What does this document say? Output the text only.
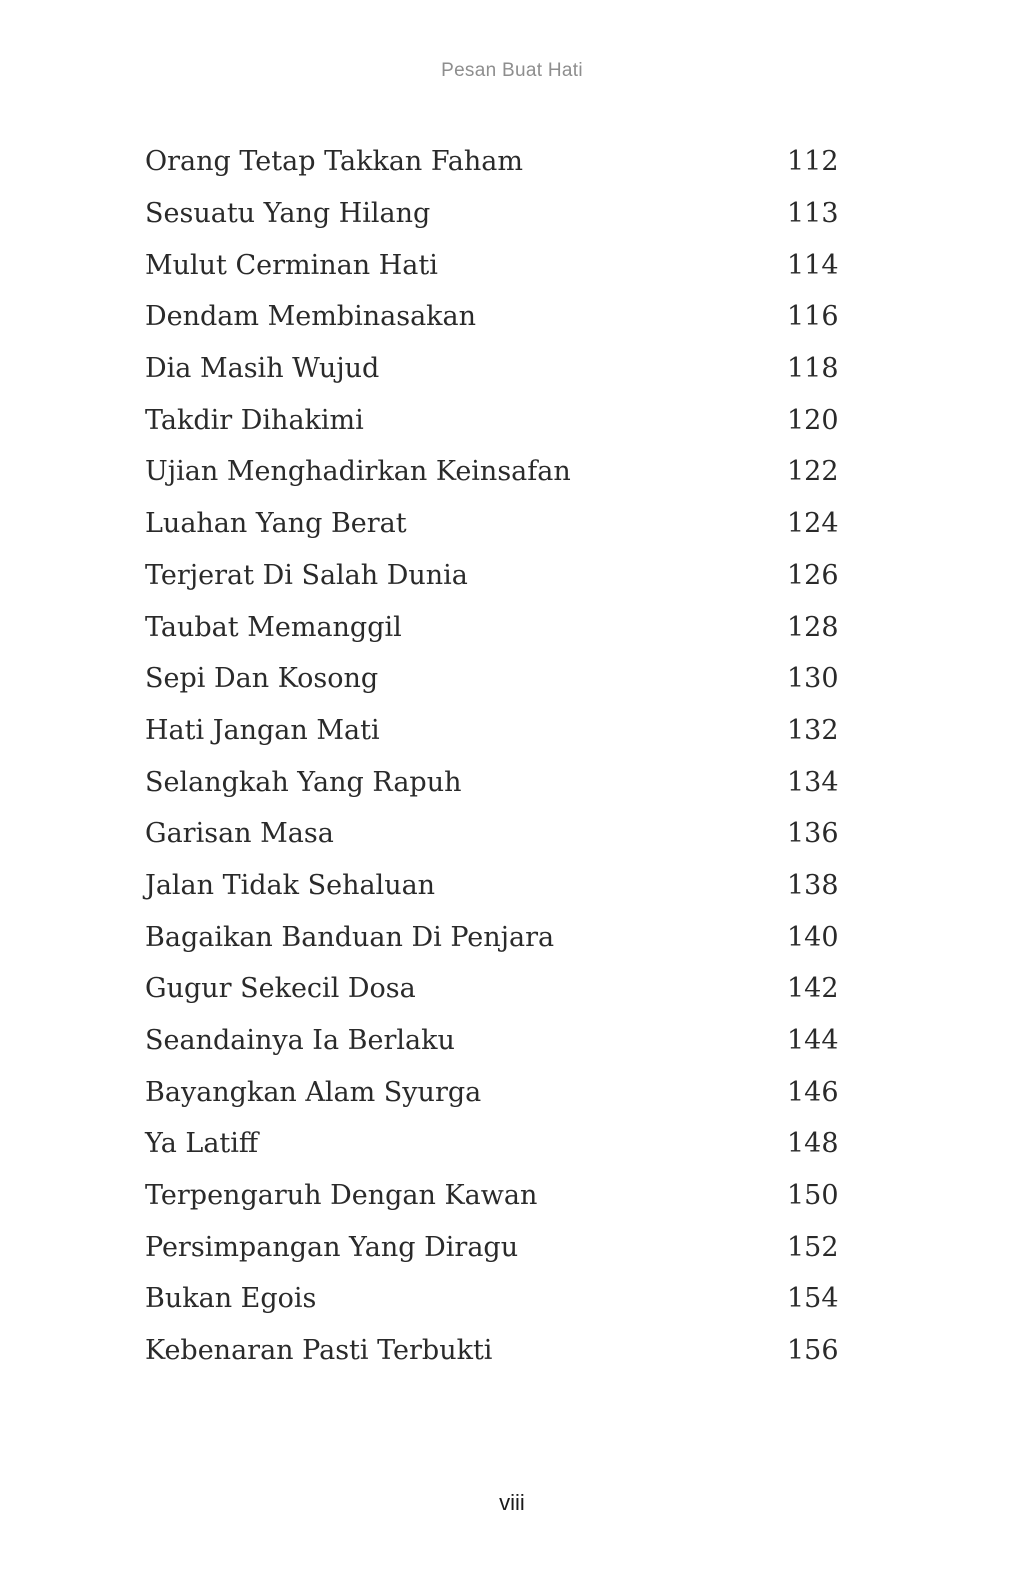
Pesan Buat Hati
Orang Tetap Takkan Faham	112
Sesuatu Yang Hilang	113
Mulut Cerminan Hati	114
Dendam Membinasakan	116
Dia Masih Wujud	118
Takdir Dihakimi	120
Ujian Menghadirkan Keinsafan	122
Luahan Yang Berat	124
Terjerat Di Salah Dunia	126
Taubat Memanggil	128
Sepi Dan Kosong	130
Hati Jangan Mati	132
Selangkah Yang Rapuh	134
Garisan Masa	136
Jalan Tidak Sehaluan	138
Bagaikan Banduan Di Penjara	140
Gugur Sekecil Dosa	142
Seandainya Ia Berlaku	144
Bayangkan Alam Syurga	146
Ya Latiff	148
Terpengaruh Dengan Kawan	150
Persimpangan Yang Diragu	152
Bukan Egois	154
Kebenaran Pasti Terbukti	156
viii
